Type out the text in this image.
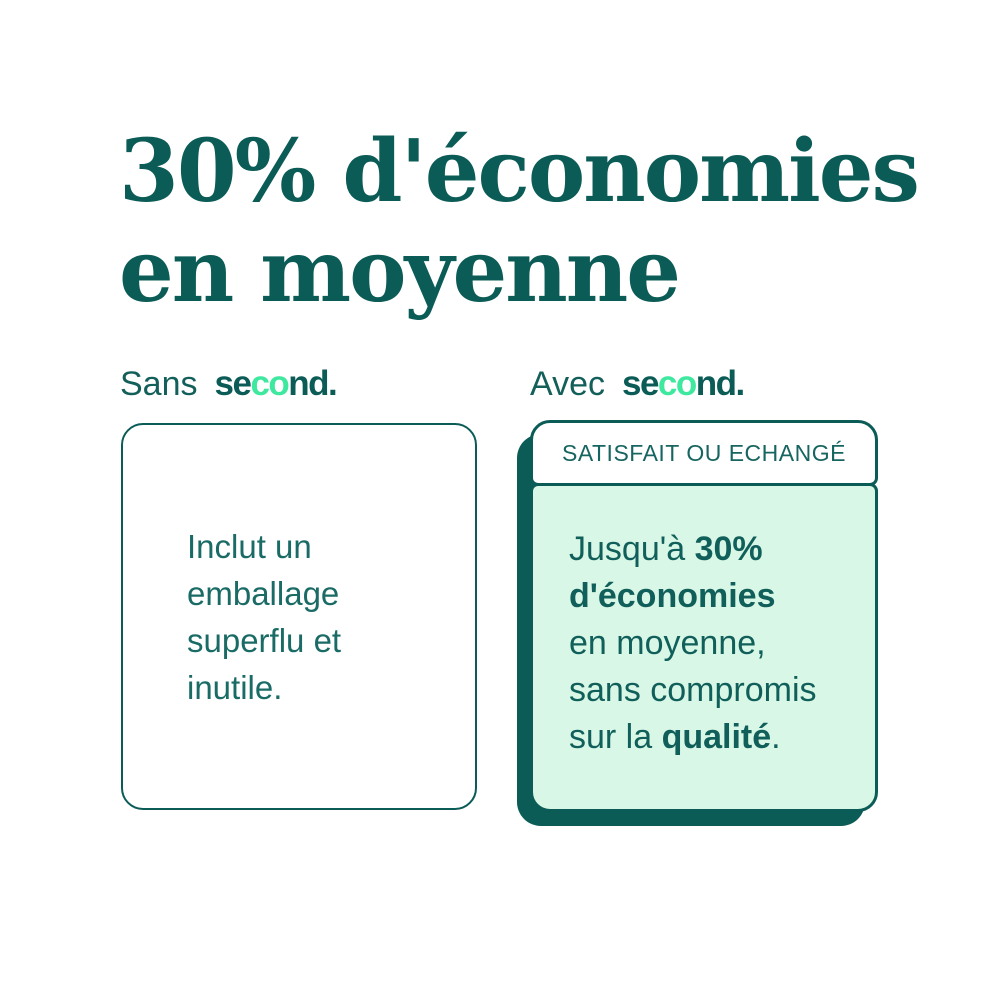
30% d'économies
en moyenne
Sans second.	Avec second.

Inclut un emballage superflu et inutile.

SATISFAIT OU ECHANGÉ

Jusqu'à 30% d'économies en moyenne, sans compromis sur la qualité.
